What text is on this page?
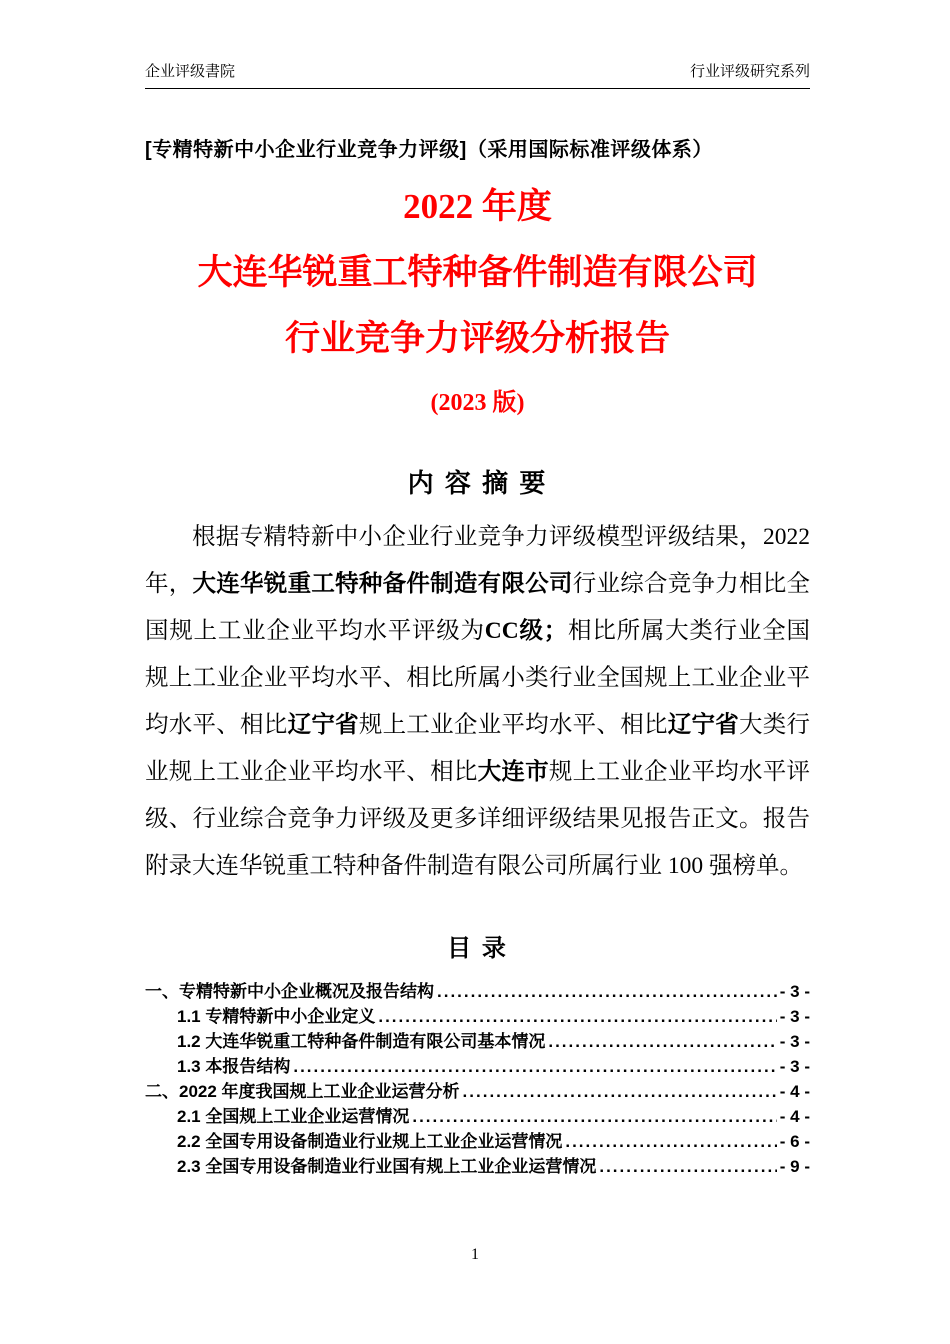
企业评级書院	行业评级研究系列
[专精特新中小企业行业竞争力评级]（采用国际标准评级体系）
2022 年度
大连华锐重工特种备件制造有限公司
行业竞争力评级分析报告
(2023 版)
内 容 摘 要

根据专精特新中小企业行业竞争力评级模型评级结果，2022 年，大连华锐重工特种备件制造有限公司行业综合竞争力相比全国规上工业企业平均水平评级为CC级；相比所属大类行业全国规上工业企业平均水平、相比所属小类行业全国规上工业企业平均水平、相比辽宁省规上工业企业平均水平、相比辽宁省大类行业规上工业企业平均水平、相比大连市规上工业企业平均水平评级、行业综合竞争力评级及更多详细评级结果见报告正文。报告附录大连华锐重工特种备件制造有限公司所属行业 100 强榜单。

目 录
一、专精特新中小企业概况及报告结构 .....	- 3 -
1.1 专精特新中小企业定义 .....	- 3 -
1.2 大连华锐重工特种备件制造有限公司基本情况 .....	- 3 -
1.3 本报告结构 .....	- 3 -
二、2022 年度我国规上工业企业运营分析 .....	- 4 -
2.1 全国规上工业企业运营情况 .....	- 4 -
2.2 全国专用设备制造业行业规上工业企业运营情况 .....	- 6 -
2.3 全国专用设备制造业行业国有规上工业企业运营情况 .....	- 9 -
1
